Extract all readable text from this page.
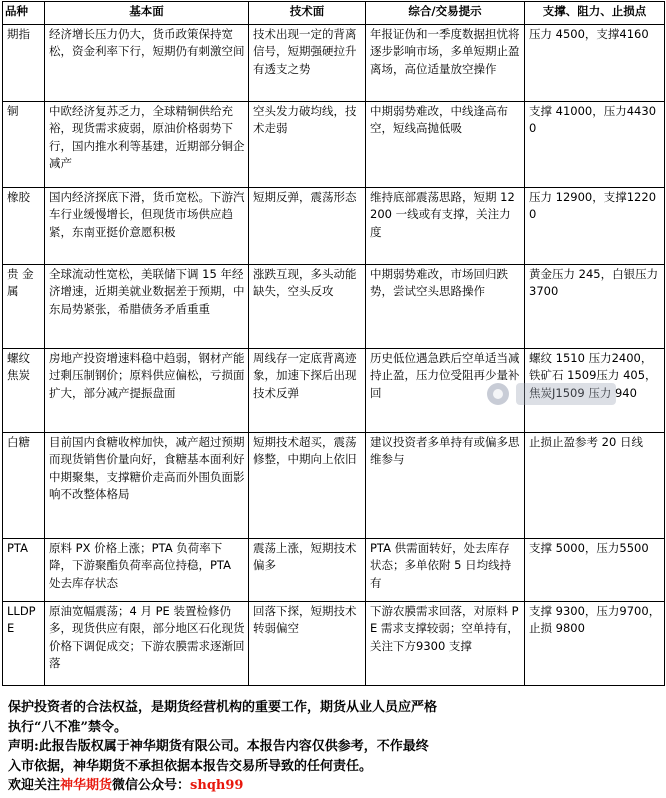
品种	基本面	技术面	综合/交易提示	支撑、阻力、止损点
期指	经济增长压力仍大，货币政策保持宽松，资金利率下行，短期仍有刺激空间	技术出现一定的背离信号，短期强硬拉升有透支之势	年报证伪和一季度数据担忧将逐步影响市场，多单短期止盈离场，高位适量放空操作	压力 4500，支撑4160
铜	中欧经济复苏乏力，全球精铜供给充裕，现货需求疲弱，原油价格弱势下行，国内推水利等基建，近期部分铜企减产	空头发力破均线，技术走弱	中期弱势难改，中线逢高布空，短线高抛低吸	支撑 41000，压力44300
橡胶	国内经济探底下滑，货币宽松。下游汽车行业缓慢增长，但现货市场供应趋紧，东南亚挺价意愿积极	短期反弹，震荡形态	维持底部震荡思路，短期 12200 一线或有支撑，关注力度	压力 12900，支撑12200
贵 金属	全球流动性宽松，美联储下调 15 年经济增速，近期美就业数据差于预期，中东局势紧张，希腊债务矛盾重重	涨跌互现，多头动能缺失，空头反攻	中期弱势难改，市场回归跌势，尝试空头思路操作	黄金压力 245，白银压力 3700
螺纹 焦炭	房地产投资增速料稳中趋弱，钢材产能过剩压制钢价；原料供应偏松，亏损面扩大，部分减产提振盘面	周线存一定底背离迹象，加速下探后出现技术反弹	历史低位遇急跌后空单适当减持止盈，压力位受阻再少量补回	螺纹 1510 压力2400，铁矿石 1509压力 405，焦炭J1509 压力 940
白糖	目前国内食糖收榨加快，减产超过预期而现货销售价量向好，食糖基本面利好中期聚集，支撑糖价走高而外围负面影响不改整体格局	短期技术超买，震荡修整，中期向上依旧	建议投资者多单持有或偏多思维参与	止损止盈参考 20 日线
PTA	原料 PX 价格上涨；PTA 负荷率下降，下游聚酯负荷率高位持稳，PTA 处去库存状态	震荡上涨，短期技术偏多	PTA 供需面转好，处去库存状态；多单依附 5 日均线持有	支撑 5000，压力5500
LLDPE	原油宽幅震荡；4 月 PE 装置检修仍多，现货供应有限，部分地区石化现货价格下调促成交；下游农膜需求逐渐回落	回落下探，短期技术转弱偏空	下游农膜需求回落，对原料 PE 需求支撑较弱；空单持有，关注下方9300 支撑	支撑 9300，压力9700，止损 9800

保护投资者的合法权益，是期货经营机构的重要工作，期货从业人员应严格

执行“八不准”禁令。

声明:此报告版权属于神华期货有限公司。本报告内容仅供参考，不作最终

入市依据，神华期货不承担依据本报告交易所导致的任何责任。

欢迎关注神华期货微信公众号：shqh99
